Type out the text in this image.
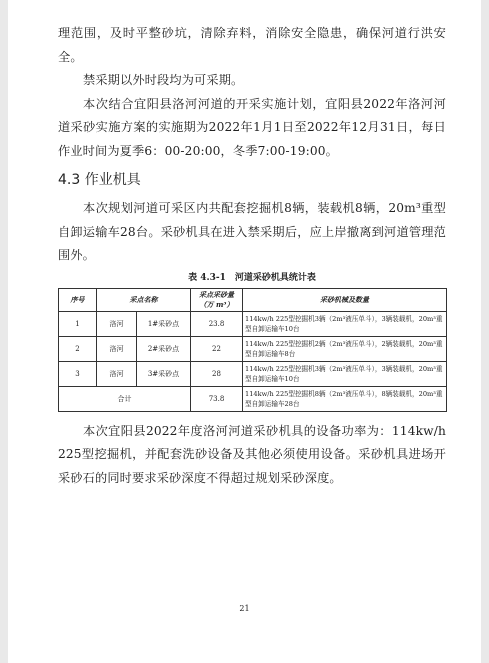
理范围，及时平整砂坑，清除弃料，消除安全隐患，确保河道行洪安全。

禁采期以外时段均为可采期。

本次结合宜阳县洛河河道的开采实施计划，宜阳县2022年洛河河道采砂实施方案的实施期为2022年1月1日至2022年12月31日，每日作业时间为夏季6：00-20:00，冬季7:00-19:00。

4.3 作业机具

本次规划河道可采区内共配套挖掘机8辆，装载机8辆，20m³重型自卸运输车28台。采砂机具在进入禁采期后，应上岸撤离到河道管理范围外。

表 4.3-1　河道采砂机具统计表
序号	采点名称		采点采砂量（万 m³）	采砂机械及数量
1	洛河	1#采砂点	23.8	114kw/h 225型挖掘机3辆（2m³液压单斗），3辆装载机，20m³重型自卸运输车10台
2	洛河	2#采砂点	22	114kw/h 225型挖掘机2辆（2m³液压单斗），2辆装载机，20m³重型自卸运输车8台
3	洛河	3#采砂点	28	114kw/h 225型挖掘机3辆（2m³液压单斗），3辆装载机，20m³重型自卸运输车10台
合计			73.8	114kw/h 225型挖掘机8辆（2m³液压单斗），8辆装载机，20m³重型自卸运输车28台

本次宜阳县2022年度洛河河道采砂机具的设备功率为：114kw/h 225型挖掘机，并配套洗砂设备及其他必须使用设备。采砂机具进场开采砂石的同时要求采砂深度不得超过规划采砂深度。

21
